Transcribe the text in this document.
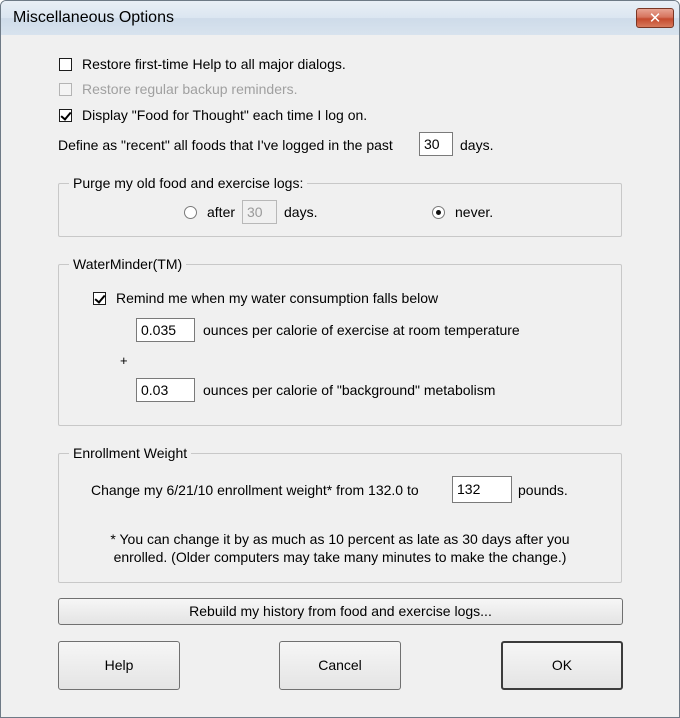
Miscellaneous Options	✕
Restore first-time Help to all major dialogs.
Restore regular backup reminders.
Display "Food for Thought" each time I log on.
Define as "recent" all foods that I've logged in the past	30	days.
Purge my old food and exercise logs:
after 30	days.	never.
WaterMinder(TM)
Remind me when my water consumption falls below
0.035	ounces per calorie of exercise at room temperature
+
0.03	ounces per calorie of "background" metabolism
Enrollment Weight
Change my 6/21/10 enrollment weight* from 132.0 to	132	pounds.
* You can change it by as much as 10 percent as late as 30 days after you
enrolled. (Older computers may take many minutes to make the change.)
Rebuild my history from food and exercise logs...
Help	Cancel	OK
